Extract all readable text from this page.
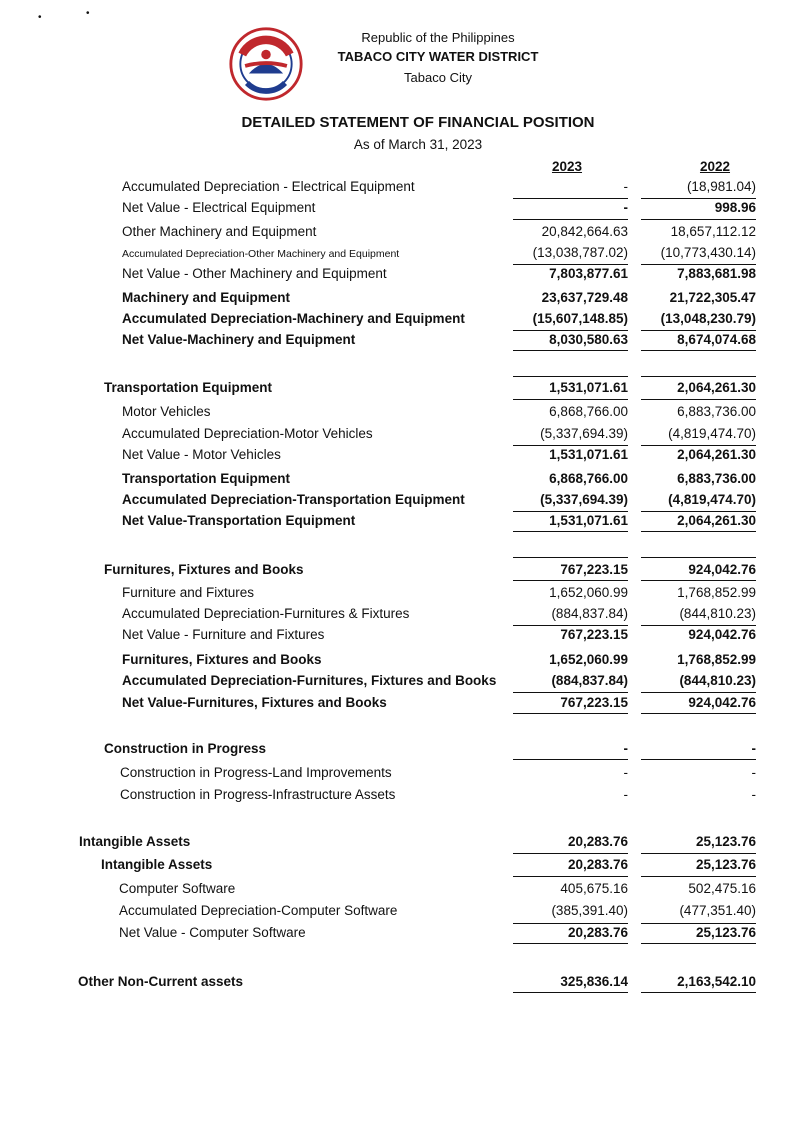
•	•
Republic of the Philippines
TABACO CITY WATER DISTRICT
Tabaco City
DETAILED STATEMENT OF FINANCIAL POSITION
As of March 31, 2023
2023	2022
Accumulated Depreciation - Electrical Equipment	-	(18,981.04)
Net Value - Electrical Equipment	-	998.96
Other Machinery and Equipment	20,842,664.63	18,657,112.12
Accumulated Depreciation-Other Machinery and Equipment	(13,038,787.02)	(10,773,430.14)
Net Value - Other Machinery and Equipment	7,803,877.61	7,883,681.98
Machinery and Equipment	23,637,729.48	21,722,305.47
Accumulated Depreciation-Machinery and Equipment	(15,607,148.85)	(13,048,230.79)
Net Value-Machinery and Equipment	8,030,580.63	8,674,074.68
Transportation Equipment	1,531,071.61	2,064,261.30
Motor Vehicles	6,868,766.00	6,883,736.00
Accumulated Depreciation-Motor Vehicles	(5,337,694.39)	(4,819,474.70)
Net Value - Motor Vehicles	1,531,071.61	2,064,261.30
Transportation Equipment	6,868,766.00	6,883,736.00
Accumulated Depreciation-Transportation Equipment	(5,337,694.39)	(4,819,474.70)
Net Value-Transportation Equipment	1,531,071.61	2,064,261.30
Furnitures, Fixtures and Books	767,223.15	924,042.76
Furniture and Fixtures	1,652,060.99	1,768,852.99
Accumulated Depreciation-Furnitures & Fixtures	(884,837.84)	(844,810.23)
Net Value - Furniture and Fixtures	767,223.15	924,042.76
Furnitures, Fixtures and Books	1,652,060.99	1,768,852.99
Accumulated Depreciation-Furnitures, Fixtures and Books	(884,837.84)	(844,810.23)
Net Value-Furnitures, Fixtures and Books	767,223.15	924,042.76
Construction in Progress	-	-
Construction in Progress-Land Improvements	-	-
Construction in Progress-Infrastructure Assets	-	-
Intangible Assets	20,283.76	25,123.76
Intangible Assets	20,283.76	25,123.76
Computer Software	405,675.16	502,475.16
Accumulated Depreciation-Computer Software	(385,391.40)	(477,351.40)
Net Value - Computer Software	20,283.76	25,123.76
Other Non-Current assets	325,836.14	2,163,542.10
